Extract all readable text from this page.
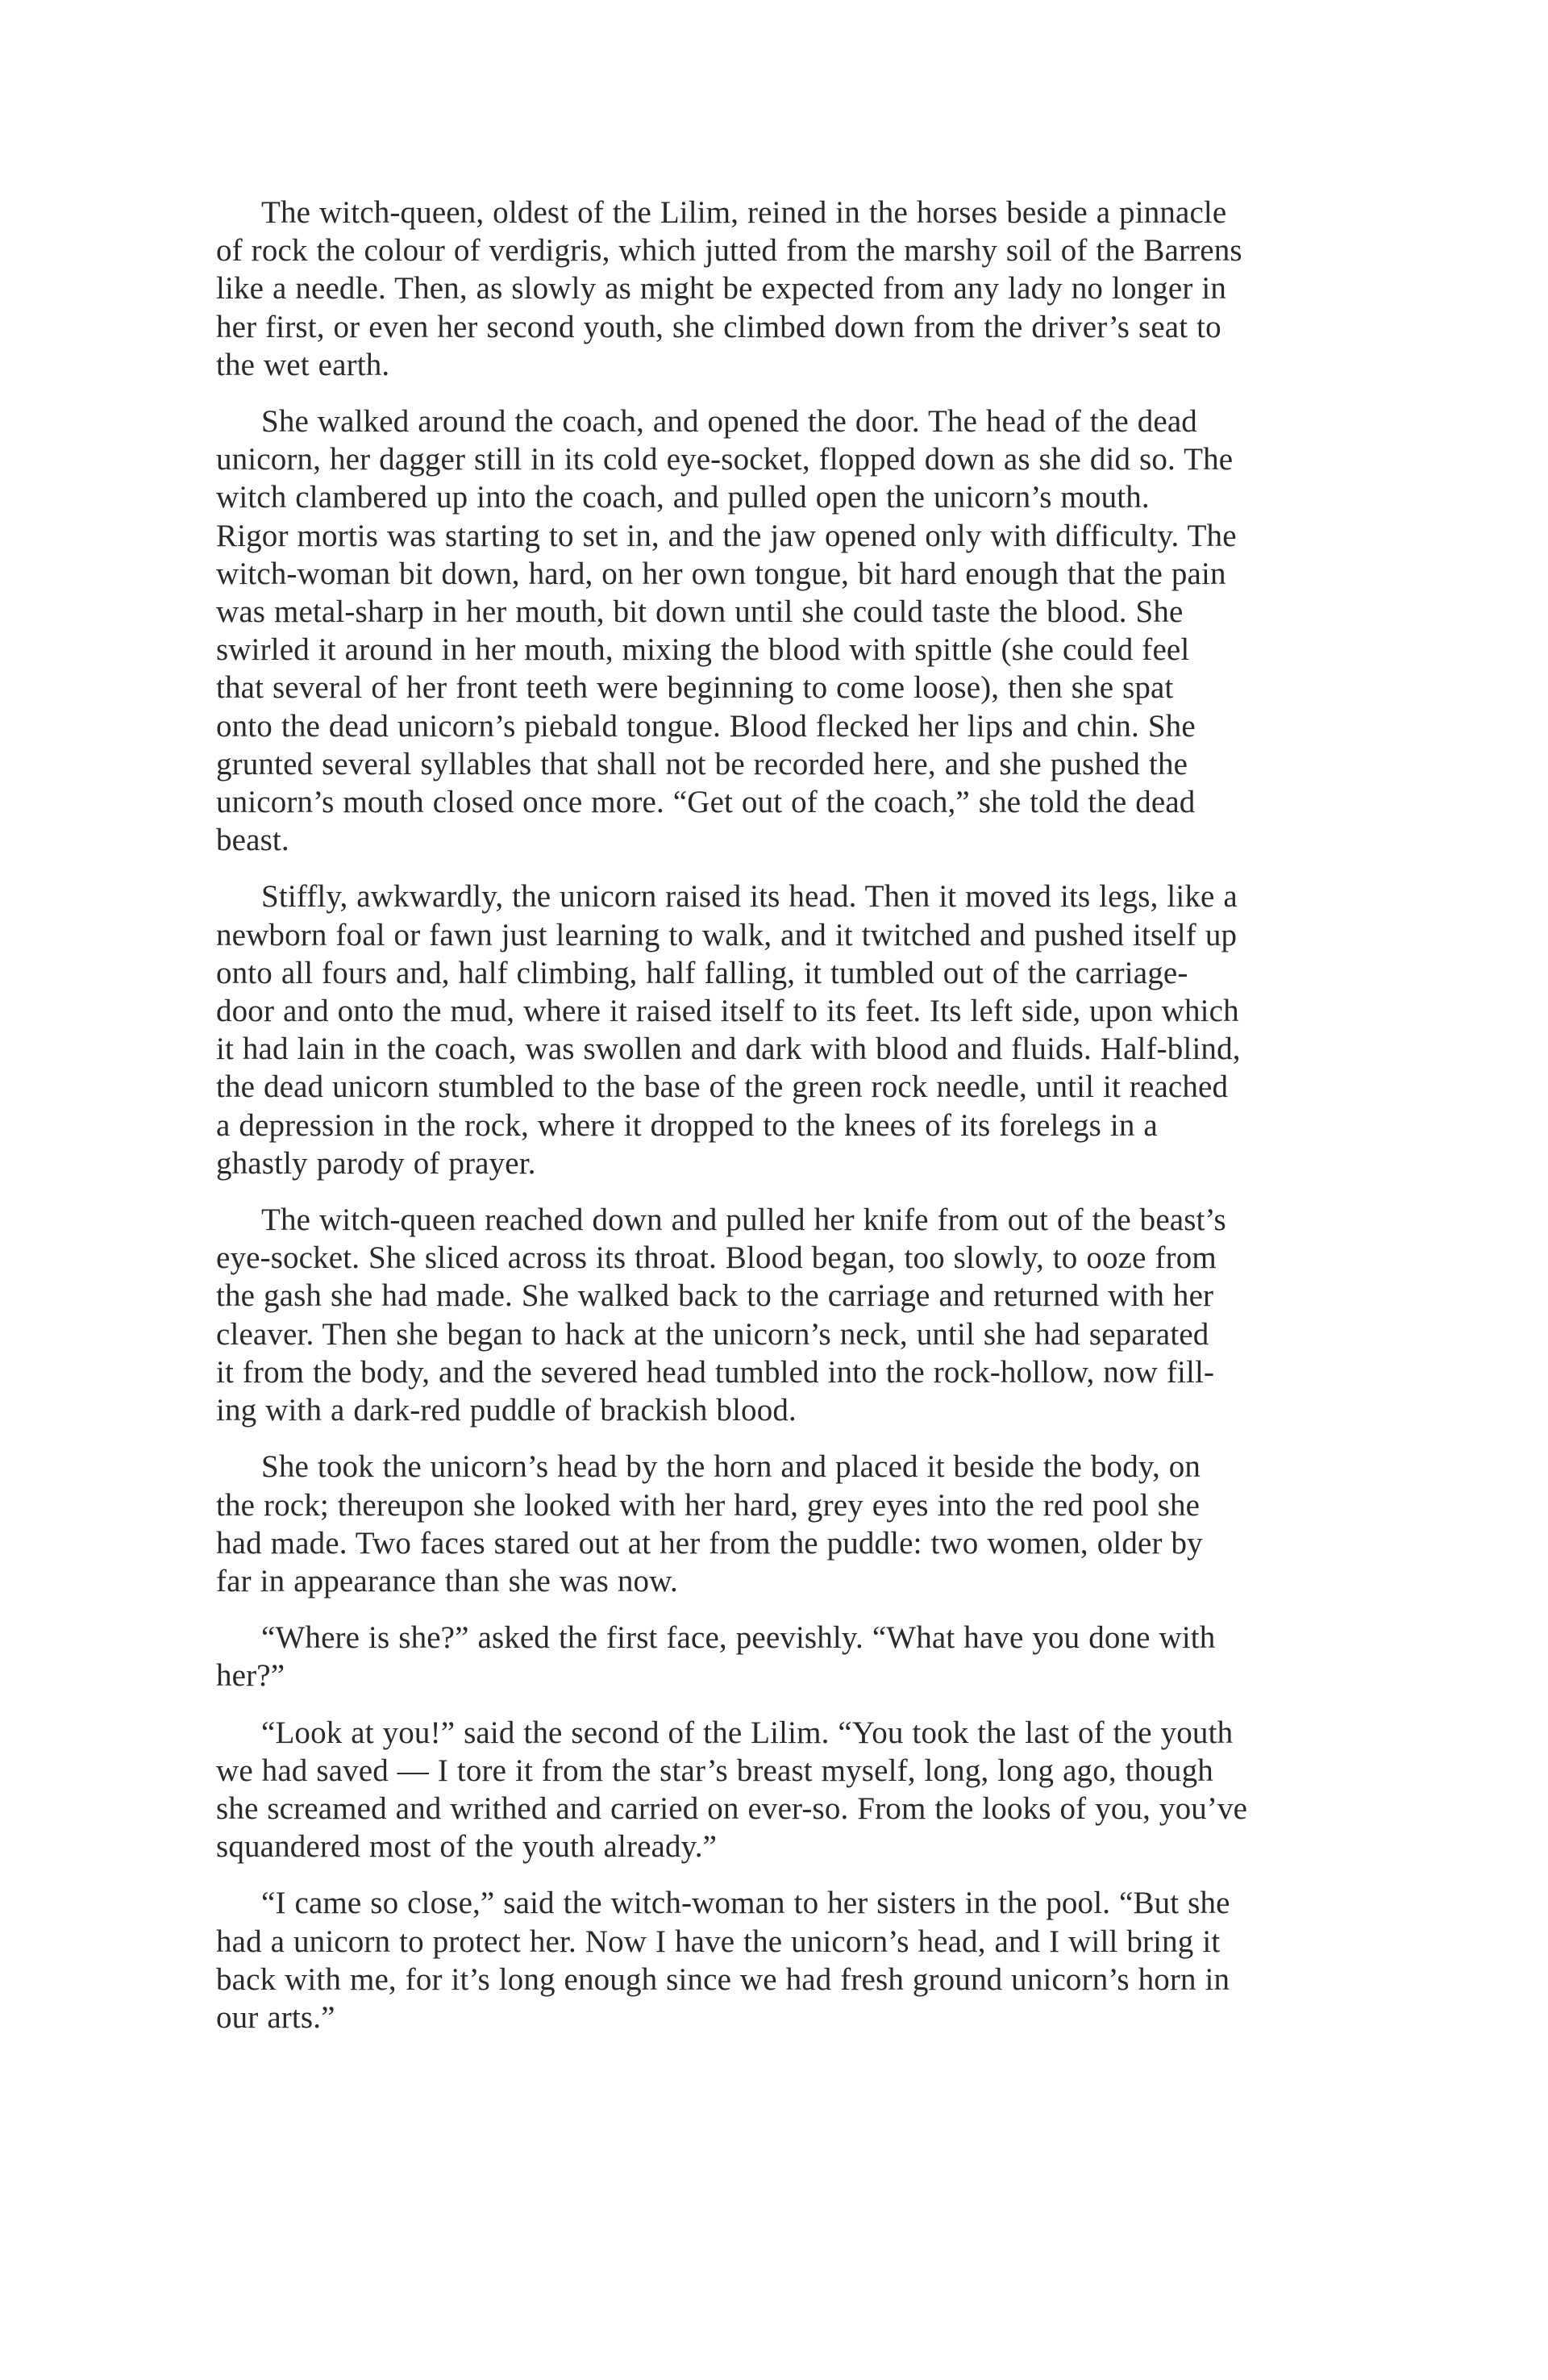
The witch-queen, oldest of the Lilim, reined in the horses beside a pinnacle
of rock the colour of verdigris, which jutted from the marshy soil of the Barrens
like a needle. Then, as slowly as might be expected from any lady no longer in
her first, or even her second youth, she climbed down from the driver’s seat to
the wet earth.

She walked around the coach, and opened the door. The head of the dead
unicorn, her dagger still in its cold eye-socket, flopped down as she did so. The
witch clambered up into the coach, and pulled open the unicorn’s mouth.
Rigor mortis was starting to set in, and the jaw opened only with difficulty. The
witch-woman bit down, hard, on her own tongue, bit hard enough that the pain
was metal-sharp in her mouth, bit down until she could taste the blood. She
swirled it around in her mouth, mixing the blood with spittle (she could feel
that several of her front teeth were beginning to come loose), then she spat
onto the dead unicorn’s piebald tongue. Blood flecked her lips and chin. She
grunted several syllables that shall not be recorded here, and she pushed the
unicorn’s mouth closed once more. “Get out of the coach,” she told the dead
beast.

Stiffly, awkwardly, the unicorn raised its head. Then it moved its legs, like a
newborn foal or fawn just learning to walk, and it twitched and pushed itself up
onto all fours and, half climbing, half falling, it tumbled out of the carriage-
door and onto the mud, where it raised itself to its feet. Its left side, upon which
it had lain in the coach, was swollen and dark with blood and fluids. Half-blind,
the dead unicorn stumbled to the base of the green rock needle, until it reached
a depression in the rock, where it dropped to the knees of its forelegs in a
ghastly parody of prayer.

The witch-queen reached down and pulled her knife from out of the beast’s
eye-socket. She sliced across its throat. Blood began, too slowly, to ooze from
the gash she had made. She walked back to the carriage and returned with her
cleaver. Then she began to hack at the unicorn’s neck, until she had separated
it from the body, and the severed head tumbled into the rock-hollow, now fill-
ing with a dark-red puddle of brackish blood.

She took the unicorn’s head by the horn and placed it beside the body, on
the rock; thereupon she looked with her hard, grey eyes into the red pool she
had made. Two faces stared out at her from the puddle: two women, older by
far in appearance than she was now.

“Where is she?” asked the first face, peevishly. “What have you done with
her?”

“Look at you!” said the second of the Lilim. “You took the last of the youth
we had saved — I tore it from the star’s breast myself, long, long ago, though
she screamed and writhed and carried on ever-so. From the looks of you, you’ve
squandered most of the youth already.”

“I came so close,” said the witch-woman to her sisters in the pool. “But she
had a unicorn to protect her. Now I have the unicorn’s head, and I will bring it
back with me, for it’s long enough since we had fresh ground unicorn’s horn in
our arts.”
